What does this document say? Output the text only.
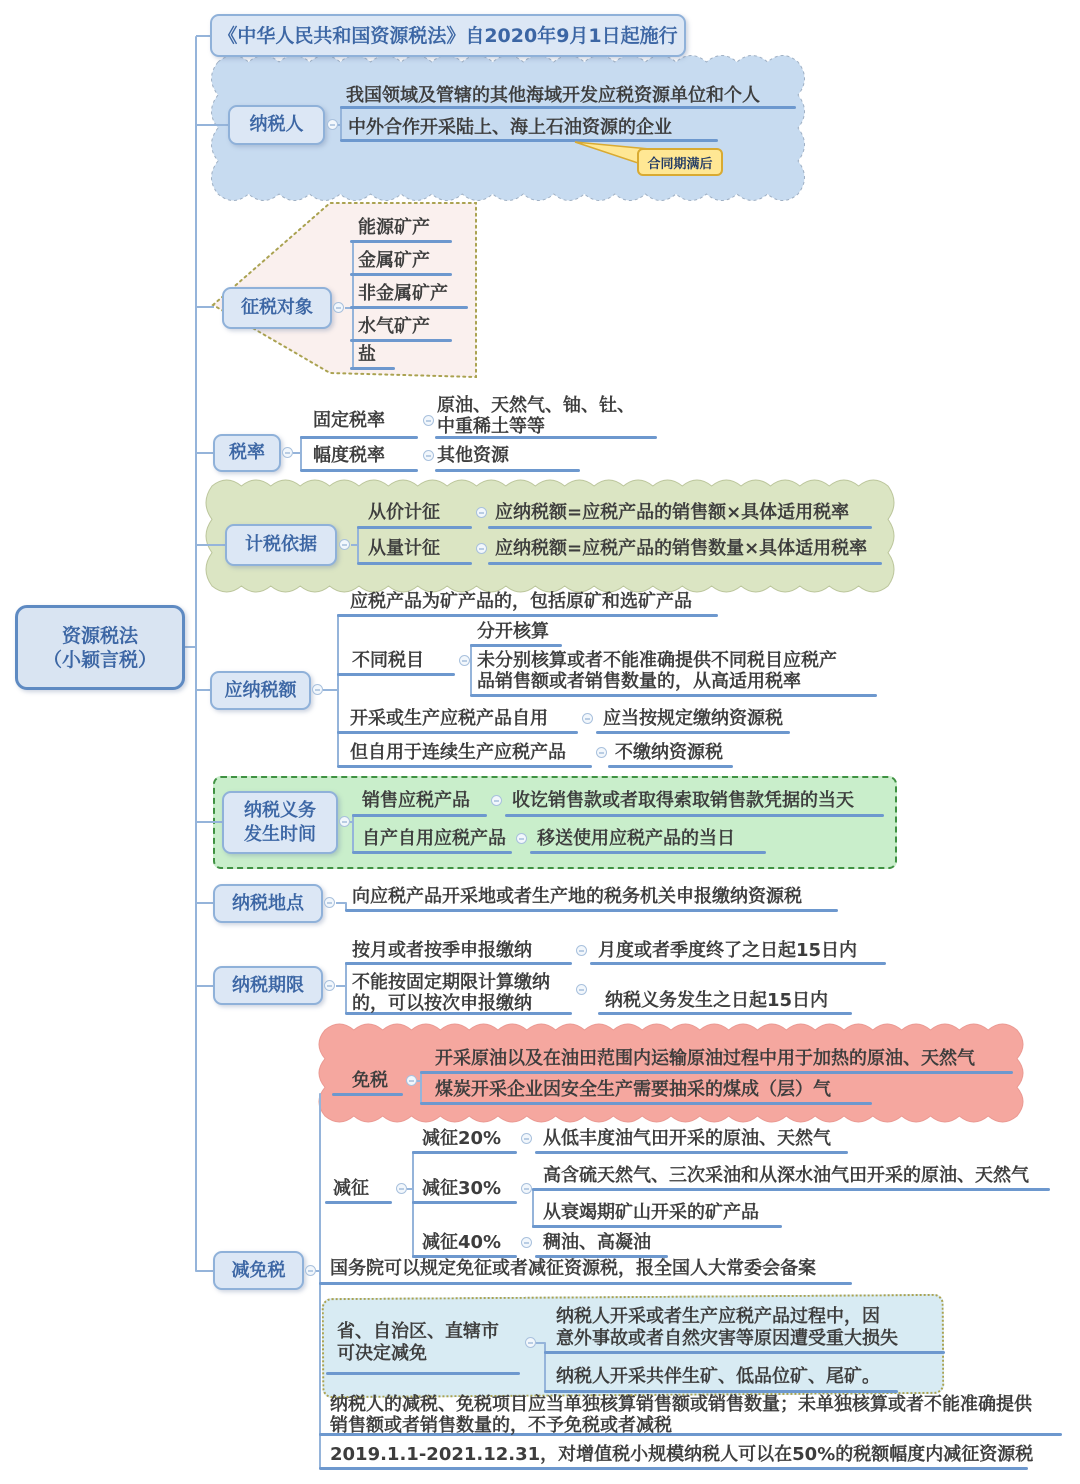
资源税法
（小颖言税）
《中华人民共和国资源税法》自2020年9月1日起施行
纳税人
征税对象
税率
计税依据
应纳税额
纳税义务
发生时间
纳税地点
纳税期限
减免税
我国领域及管辖的其他海域开发应税资源单位和个人
中外合作开采陆上、海上石油资源的企业
合同期满后
能源矿产
金属矿产
非金属矿产
水气矿产
盐
固定税率
原油、天然气、铀、钍、
中重稀土等等
幅度税率	其他资源
从价计征	应纳税额=应税产品的销售额×具体适用税率
从量计征	应纳税额=应税产品的销售数量×具体适用税率
应税产品为矿产品的，包括原矿和选矿产品
不同税目
分开核算
未分别核算或者不能准确提供不同税目应税产
品销售额或者销售数量的，从高适用税率
开采或生产应税产品自用	应当按规定缴纳资源税
但自用于连续生产应税产品	不缴纳资源税
销售应税产品 收讫销售款或者取得索取销售款凭据的当天
自产自用应税产品 移送使用应税产品的当日
向应税产品开采地或者生产地的税务机关申报缴纳资源税
按月或者按季申报缴纳	月度或者季度终了之日起15日内
不能按固定期限计算缴纳
的，可以按次申报缴纳	纳税义务发生之日起15日内
免税
开采原油以及在油田范围内运输原油过程中用于加热的原油、天然气
煤炭开采企业因安全生产需要抽采的煤成（层）气
减征
减征20% 从低丰度油气田开采的原油、天然气
减征30%
高含硫天然气、三次采油和从深水油气田开采的原油、天然气
从衰竭期矿山开采的矿产品
减征40% 稠油、高凝油
国务院可以规定免征或者减征资源税，报全国人大常委会备案
省、自治区、直辖市
可决定减免
纳税人开采或者生产应税产品过程中，因
意外事故或者自然灾害等原因遭受重大损失
纳税人开采共伴生矿、低品位矿、尾矿。
纳税人的减税、免税项目应当单独核算销售额或销售数量；未单独核算或者不能准确提供
销售额或者销售数量的，不予免税或者减税
2019.1.1-2021.12.31，对增值税小规模纳税人可以在50%的税额幅度内减征资源税
